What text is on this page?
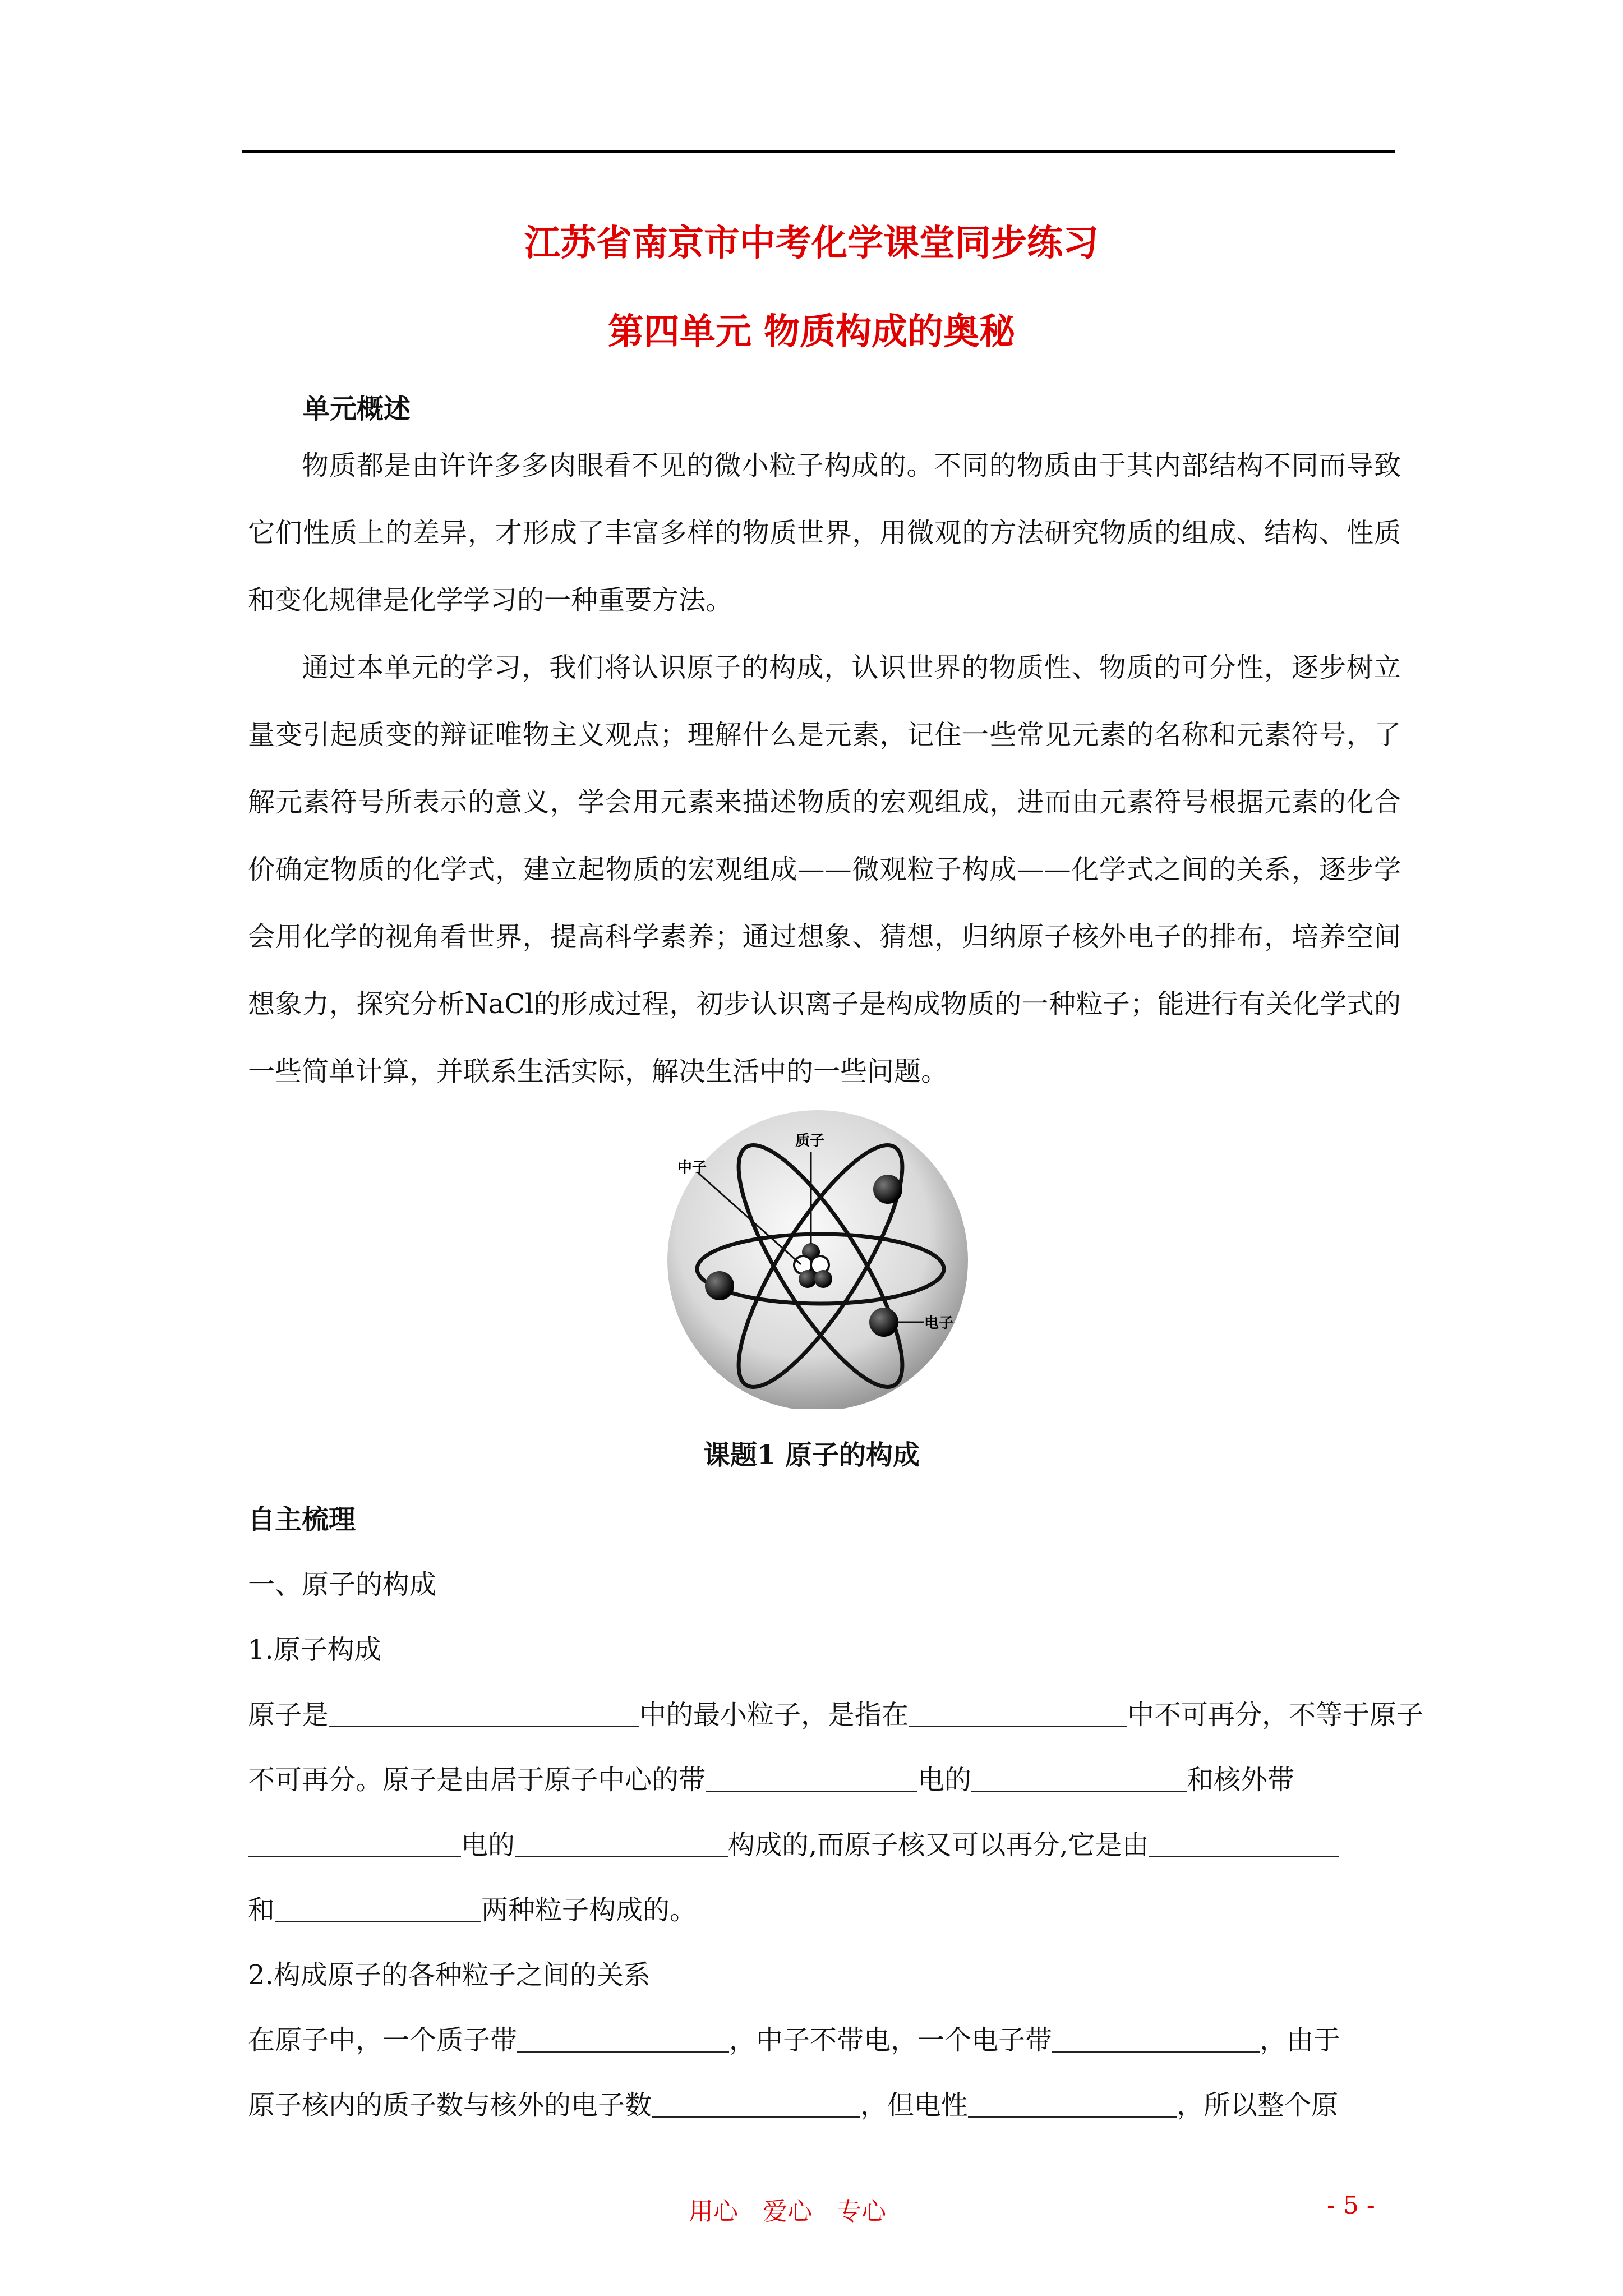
江苏省南京市中考化学课堂同步练习
第四单元 物质构成的奥秘
单元概述

物质都是由许许多多肉眼看不见的微小粒子构成的。不同的物质由于其内部结构不同而导致它们性质上的差异，才形成了丰富多样的物质世界，用微观的方法研究物质的组成、结构、性质和变化规律是化学学习的一种重要方法。

通过本单元的学习，我们将认识原子的构成，认识世界的物质性、物质的可分性，逐步树立量变引起质变的辩证唯物主义观点；理解什么是元素，记住一些常见元素的名称和元素符号，了解元素符号所表示的意义，学会用元素来描述物质的宏观组成，进而由元素符号根据元素的化合价确定物质的化学式，建立起物质的宏观组成——微观粒子构成——化学式之间的关系，逐步学会用化学的视角看世界，提高科学素养；通过想象、猜想，归纳原子核外电子的排布，培养空间想象力，探究分析NaCl的形成过程，初步认识离子是构成物质的一种粒子；能进行有关化学式的一些简单计算，并联系生活实际，解决生活中的一些问题。

质子
中子
电子
课题1 原子的构成
自主梳理
一、原子的构成
1.原子构成
原子是	中的最小粒子，是指在	中不可再分，不等于原子
不可再分。原子是由居于原子中心的带	电的	和核外带
电的	构成的,而原子核又可以再分,它是由
和	两种粒子构成的。
2.构成原子的各种粒子之间的关系
在原子中，一个质子带	，中子不带电，一个电子带	，由于
原子核内的质子数与核外的电子数	，但电性	，所以整个原
用心　爱心　专心	- 5 -
